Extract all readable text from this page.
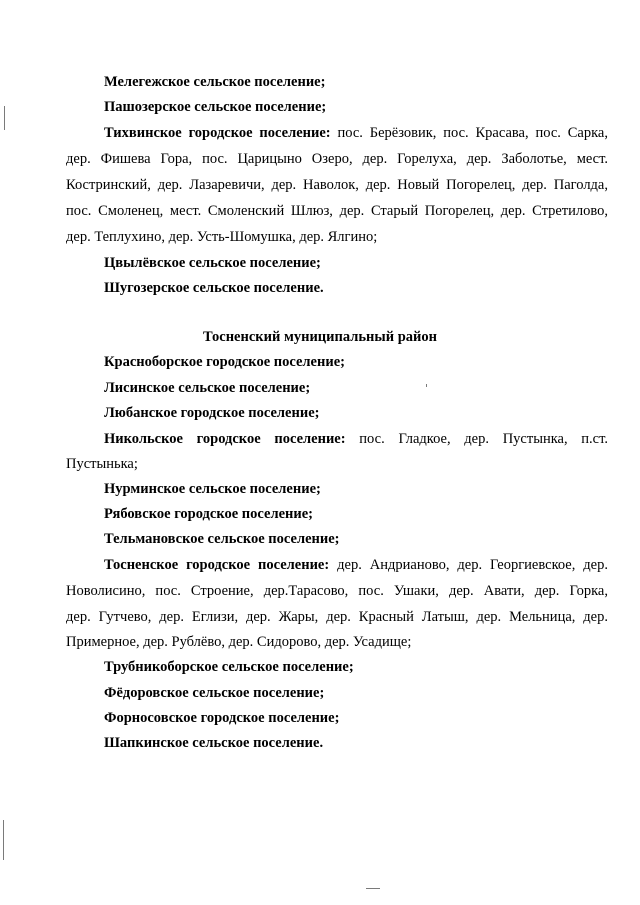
Мелегежское сельское поселение;
Пашозерское сельское поселение;
Тихвинское городское поселение: пос. Берёзовик, пос. Красава, пос. Сарка,
дер. Фишева Гора, пос. Царицыно Озеро, дер. Горелуха, дер. Заболотье, мест.
Костринский, дер. Лазаревичи, дер. Наволок, дер. Новый Погорелец, дер. Паголда,
пос. Смоленец, мест. Смоленский Шлюз, дер. Старый Погорелец, дер. Стретилово,
дер. Теплухино, дер. Усть-Шомушка, дер. Ялгино;
Цвылёвское сельское поселение;
Шугозерское сельское поселение.
Тосненский муниципальный район
Красноборское городское поселение;
Лисинское сельское поселение;
Любанское городское поселение;
Никольское городское поселение: пос. Гладкое, дер. Пустынка, п.ст.
Пустынька;
Нурминское сельское поселение;
Рябовское городское поселение;
Тельмановское сельское поселение;
Тосненское городское поселение: дер. Андрианово, дер. Георгиевское, дер.
Новолисино, пос. Строение, дер.Тарасово, пос. Ушаки, дер. Авати, дер. Горка,
дер. Гутчево, дер. Еглизи, дер. Жары, дер. Красный Латыш, дер. Мельница, дер.
Примерное, дер. Рублёво, дер. Сидорово, дер. Усадище;
Трубникоборское сельское поселение;
Фёдоровское сельское поселение;
Форносовское городское поселение;
Шапкинское сельское поселение.
